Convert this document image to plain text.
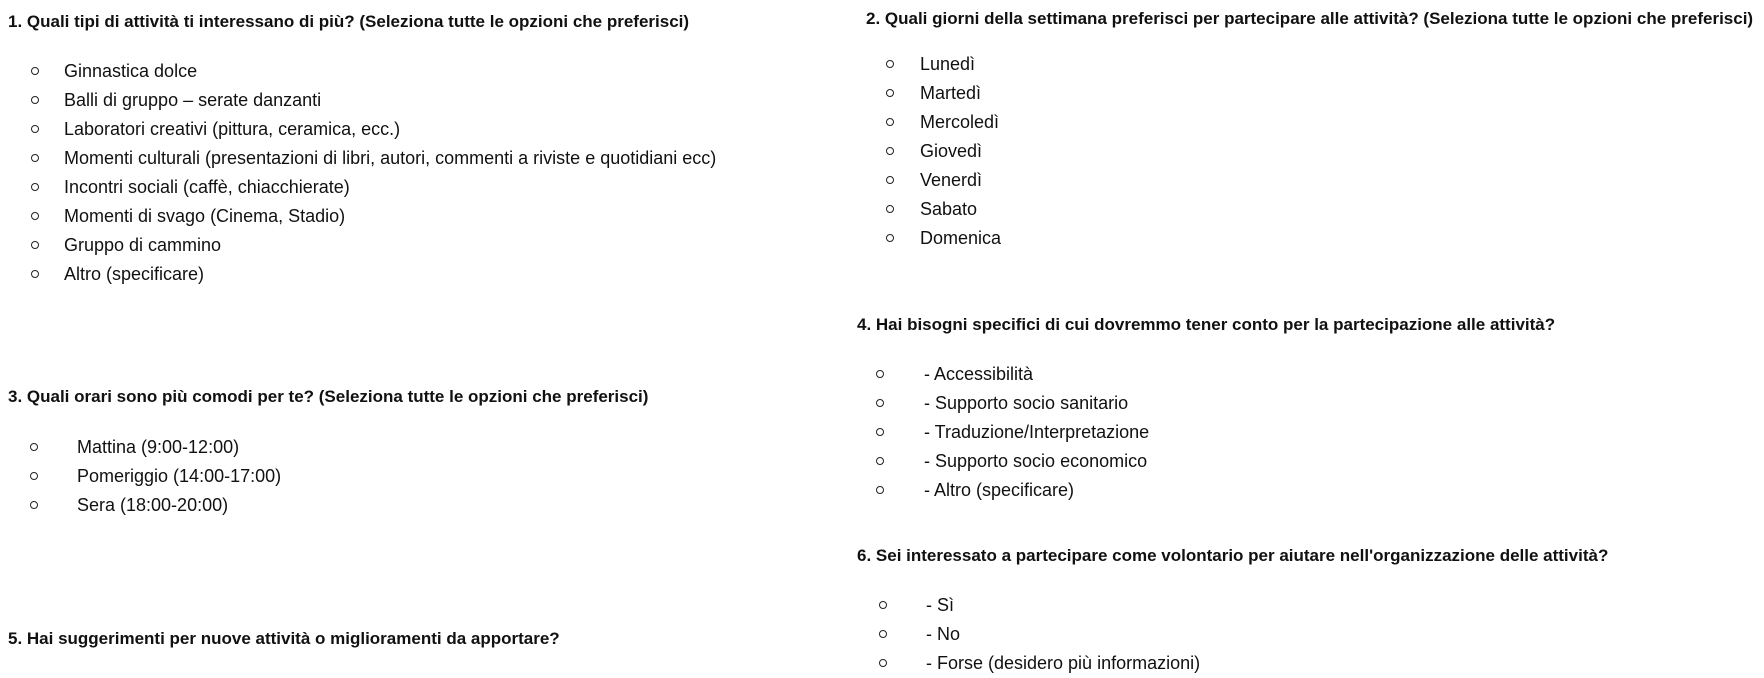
1. Quali tipi di attività ti interessano di più? (Seleziona tutte le opzioni che preferisci)

Ginnastica dolce
Balli di gruppo – serate danzanti
Laboratori creativi (pittura, ceramica, ecc.)
Momenti culturali (presentazioni di libri, autori, commenti a riviste e quotidiani ecc)
Incontri sociali (caffè, chiacchierate)
Momenti di svago (Cinema, Stadio)
Gruppo di cammino
Altro (specificare)

3. Quali orari sono più comodi per te? (Seleziona tutte le opzioni che preferisci)

Mattina (9:00-12:00)
Pomeriggio (14:00-17:00)
Sera (18:00-20:00)

5. Hai suggerimenti per nuove attività o miglioramenti da apportare?

2. Quali giorni della settimana preferisci per partecipare alle attività? (Seleziona tutte le opzioni che preferisci)

Lunedì
Martedì
Mercoledì
Giovedì
Venerdì
Sabato
Domenica

4. Hai bisogni specifici di cui dovremmo tener conto per la partecipazione alle attività?

- Accessibilità
- Supporto socio sanitario
- Traduzione/Interpretazione
- Supporto socio economico
- Altro (specificare)

6. Sei interessato a partecipare come volontario per aiutare nell'organizzazione delle attività?

- Sì
- No
- Forse (desidero più informazioni)
